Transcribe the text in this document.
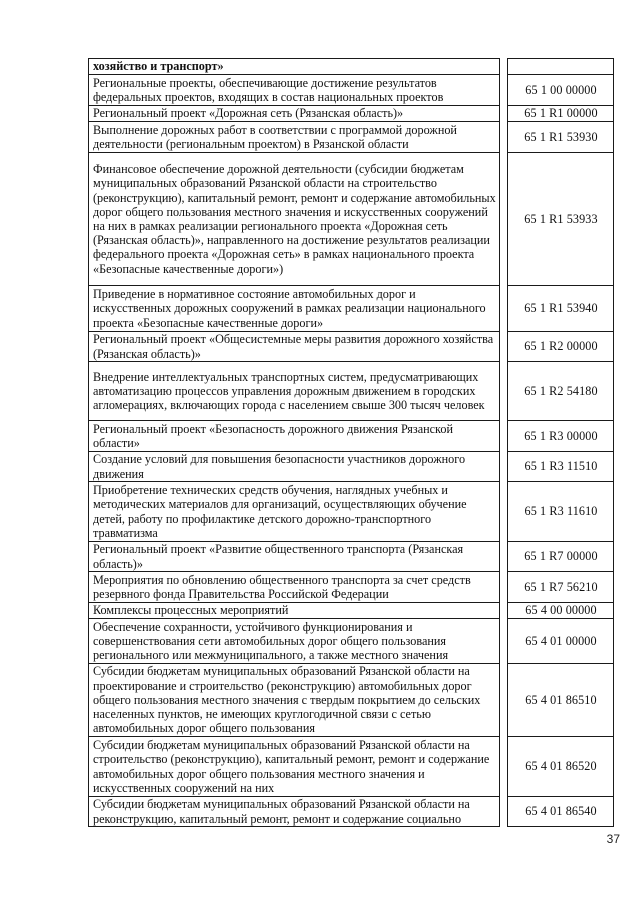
хозяйство и транспорт»		
Региональные проекты, обеспечивающие достижение результатов федеральных проектов, входящих в состав национальных проектов		65 1 00 00000
Региональный проект «Дорожная сеть (Рязанская область)»		65 1 R1 00000
Выполнение дорожных работ в соответствии с программой дорожной деятельности (региональным проектом) в Рязанской области		65 1 R1 53930
Финансовое обеспечение дорожной деятельности (субсидии бюджетам муниципальных образований Рязанской области на строительство (реконструкцию), капитальный ремонт, ремонт и содержание автомобильных дорог общего пользования местного значения и искусственных сооружений на них в рамках реализации регионального проекта «Дорожная сеть (Рязанская область)», направленного на достижение результатов реализации федерального проекта «Дорожная сеть» в рамках национального проекта «Безопасные качественные дороги»)		65 1 R1 53933
Приведение в нормативное состояние автомобильных дорог и искусственных дорожных сооружений в рамках реализации национального проекта «Безопасные качественные дороги»		65 1 R1 53940
Региональный проект «Общесистемные меры развития дорожного хозяйства (Рязанская область)»		65 1 R2 00000
Внедрение интеллектуальных транспортных систем, предусматривающих автоматизацию процессов управления дорожным движением в городских агломерациях, включающих города с населением свыше 300 тысяч человек		65 1 R2 54180
Региональный проект «Безопасность дорожного движения Рязанской области»		65 1 R3 00000
Создание условий для повышения безопасности участников дорожного движения		65 1 R3 11510
Приобретение технических средств обучения, наглядных учебных и методических материалов для организаций, осуществляющих обучение детей, работу по профилактике детского дорожно-транспортного травматизма		65 1 R3 11610
Региональный проект «Развитие общественного транспорта (Рязанская область)»		65 1 R7 00000
Мероприятия по обновлению общественного транспорта за счет средств резервного фонда Правительства Российской Федерации		65 1 R7 56210
Комплексы процессных мероприятий		65 4 00 00000
Обеспечение сохранности, устойчивого функционирования и совершенствования сети автомобильных дорог общего пользования регионального или межмуниципального, а также местного значения		65 4 01 00000
Субсидии бюджетам муниципальных образований Рязанской области на проектирование и строительство (реконструкцию) автомобильных дорог общего пользования местного значения с твердым покрытием до сельских населенных пунктов, не имеющих круглогодичной связи с сетью автомобильных дорог общего пользования		65 4 01 86510
Субсидии бюджетам муниципальных образований Рязанской области на строительство (реконструкцию), капитальный ремонт, ремонт и содержание автомобильных дорог общего пользования местного значения и искусственных сооружений на них		65 4 01 86520
Субсидии бюджетам муниципальных образований Рязанской области на реконструкцию, капитальный ремонт, ремонт и содержание социально		65 4 01 86540
37
